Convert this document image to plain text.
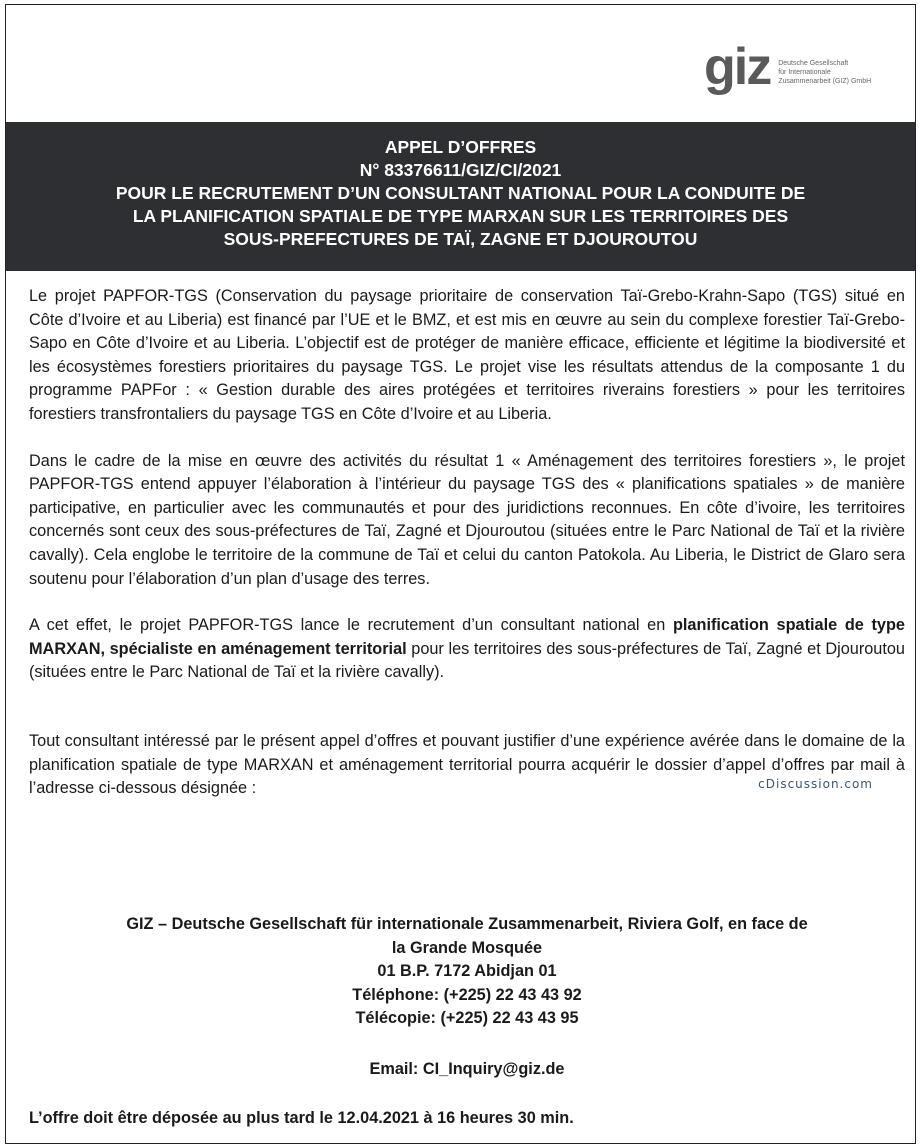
giz Deutsche Gesellschaft
für Internationale
Zusammenarbeit (GIZ) GmbH
APPEL D’OFFRES
N° 83376611/GIZ/CI/2021
POUR LE RECRUTEMENT D’UN CONSULTANT NATIONAL POUR LA CONDUITE DE
LA PLANIFICATION SPATIALE DE TYPE MARXAN SUR LES TERRITOIRES DES
SOUS-PREFECTURES DE TAÏ, ZAGNE ET DJOUROUTOU

Le projet PAPFOR-TGS (Conservation du paysage prioritaire de conservation Taï-Grebo-Krahn-Sapo (TGS) situé en Côte d’Ivoire et au Liberia) est financé par l’UE et le BMZ, et est mis en œuvre au sein du complexe forestier Taï-Grebo-Sapo en Côte d’Ivoire et au Liberia. L’objectif est de protéger de manière efficace, efficiente et légitime la biodiversité et les écosystèmes forestiers prioritaires du paysage TGS. Le projet vise les résultats attendus de la composante 1 du programme PAPFor : « Gestion durable des aires protégées et territoires riverains forestiers » pour les territoires forestiers transfrontaliers du paysage TGS en Côte d’Ivoire et au Liberia.

Dans le cadre de la mise en œuvre des activités du résultat 1 « Aménagement des territoires forestiers », le projet PAPFOR-TGS entend appuyer l’élaboration à l’intérieur du paysage TGS des « planifications spatiales » de manière participative, en particulier avec les communautés et pour des juridictions reconnues. En côte d’ivoire, les territoires concernés sont ceux des sous-préfectures de Taï, Zagné et Djouroutou (situées entre le Parc National de Taï et la rivière cavally). Cela englobe le territoire de la commune de Taï et celui du canton Patokola. Au Liberia, le District de Glaro sera soutenu pour l’élaboration d’un plan d’usage des terres.

A cet effet, le projet PAPFOR-TGS lance le recrutement d’un consultant national en planification spatiale de type MARXAN, spécialiste en aménagement territorial pour les territoires des sous-préfectures de Taï, Zagné et Djouroutou (situées entre le Parc National de Taï et la rivière cavally).

Tout consultant intéressé par le présent appel d’offres et pouvant justifier d’une expérience avérée dans le domaine de la planification spatiale de type MARXAN et aménagement territorial pourra acquérir le dossier d’appel d’offres par mail à l’adresse ci-dessous désignée :	cDiscussion.com
GIZ – Deutsche Gesellschaft für internationale Zusammenarbeit, Riviera Golf, en face de
la Grande Mosquée
01 B.P. 7172 Abidjan 01
Téléphone: (+225) 22 43 43 92
Télécopie: (+225) 22 43 43 95
Email: CI_Inquiry@giz.de
L’offre doit être déposée au plus tard le 12.04.2021 à 16 heures 30 min.
